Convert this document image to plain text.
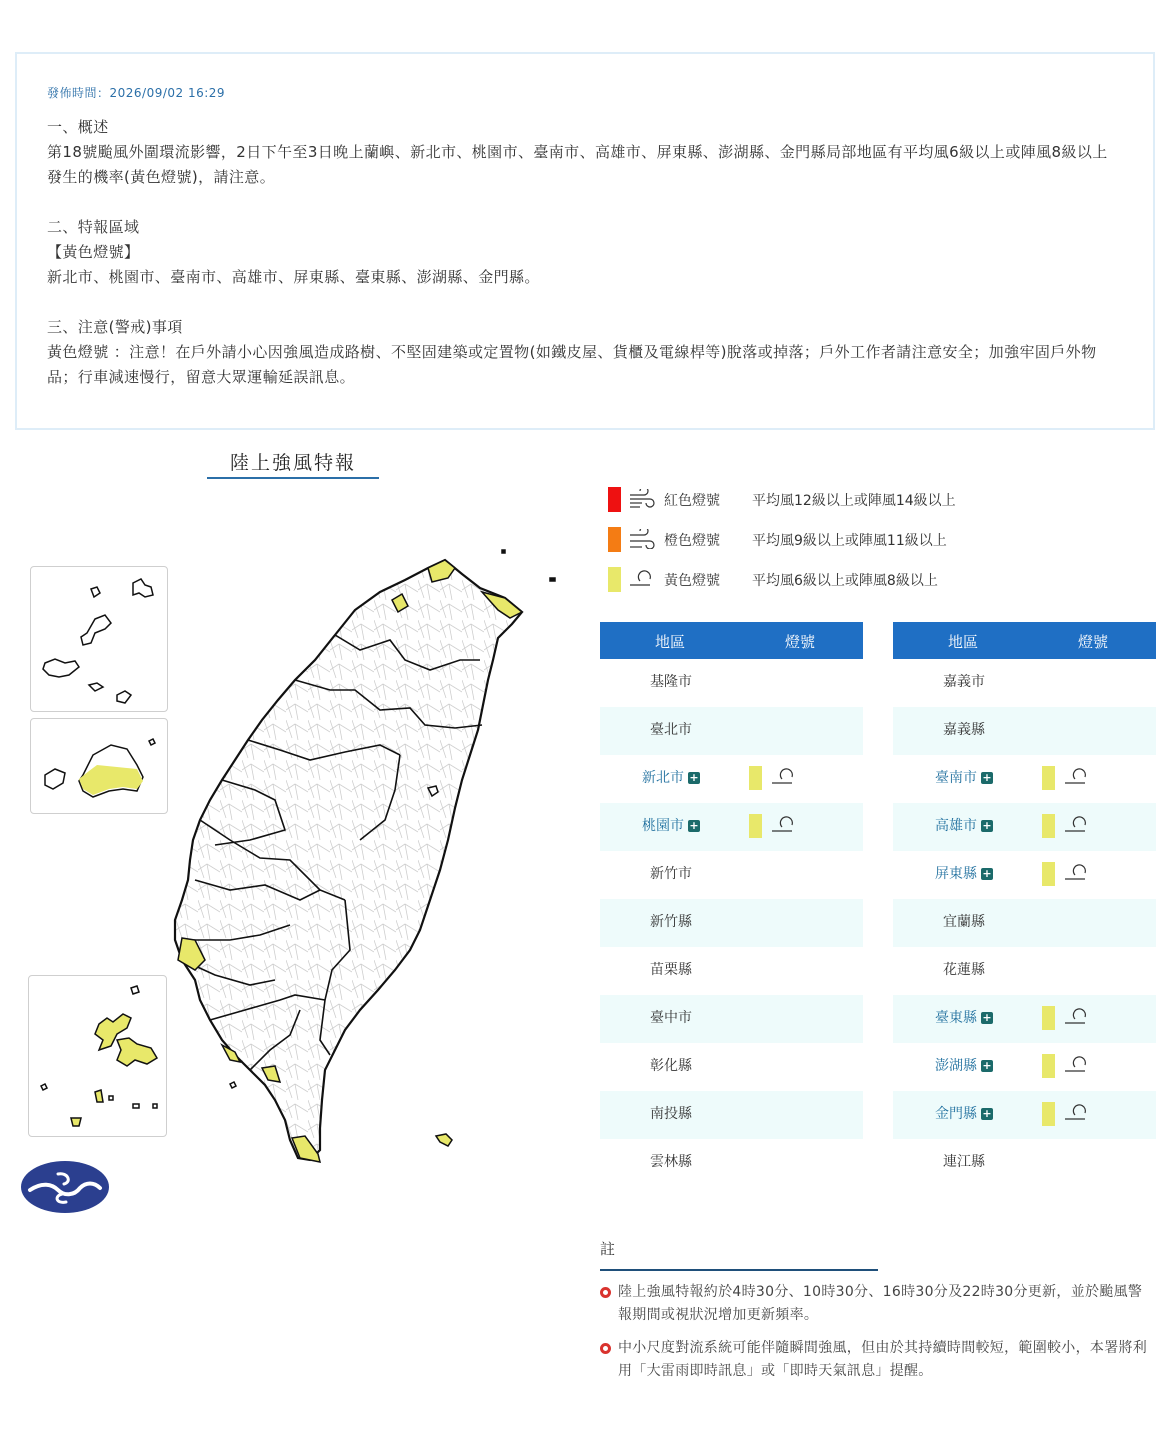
發佈時間：2026/09/02 16:29
一、概述
第18號颱風外圍環流影響，2日下午至3日晚上蘭嶼、新北市、桃園市、臺南市、高雄市、屏東縣、澎湖縣、金門縣局部地區有平均風6級以上或陣風8級以上發生的機率(黃色燈號)，請注意。
二、特報區域
【黃色燈號】
新北市、桃園市、臺南市、高雄市、屏東縣、臺東縣、澎湖縣、金門縣。
三、注意(警戒)事項
黃色燈號 ：注意！在戶外請小心因強風造成路樹、不堅固建築或定置物(如鐵皮屋、貨櫃及電線桿等)脫落或掉落；戶外工作者請注意安全；加強牢固戶外物品；行車減速慢行，留意大眾運輸延誤訊息。
陸上強風特報
紅色燈號 平均風12級以上或陣風14級以上
橙色燈號 平均風9級以上或陣風11級以上
黃色燈號 平均風6級以上或陣風8級以上
地區	燈號
基隆市
臺北市
新北市 +
桃園市 +
新竹市
新竹縣
苗栗縣
臺中市
彰化縣
南投縣
雲林縣
地區	燈號
嘉義市
嘉義縣
臺南市 +
高雄市 +
屏東縣 +
宜蘭縣
花蓮縣
臺東縣 +
澎湖縣 +
金門縣 +
連江縣
註
陸上強風特報約於4時30分、10時30分、16時30分及22時30分更新，並於颱風警報期間或視狀況增加更新頻率。
中小尺度對流系統可能伴隨瞬間強風，但由於其持續時間較短，範圍較小，本署將利用「大雷雨即時訊息」或「即時天氣訊息」提醒。
